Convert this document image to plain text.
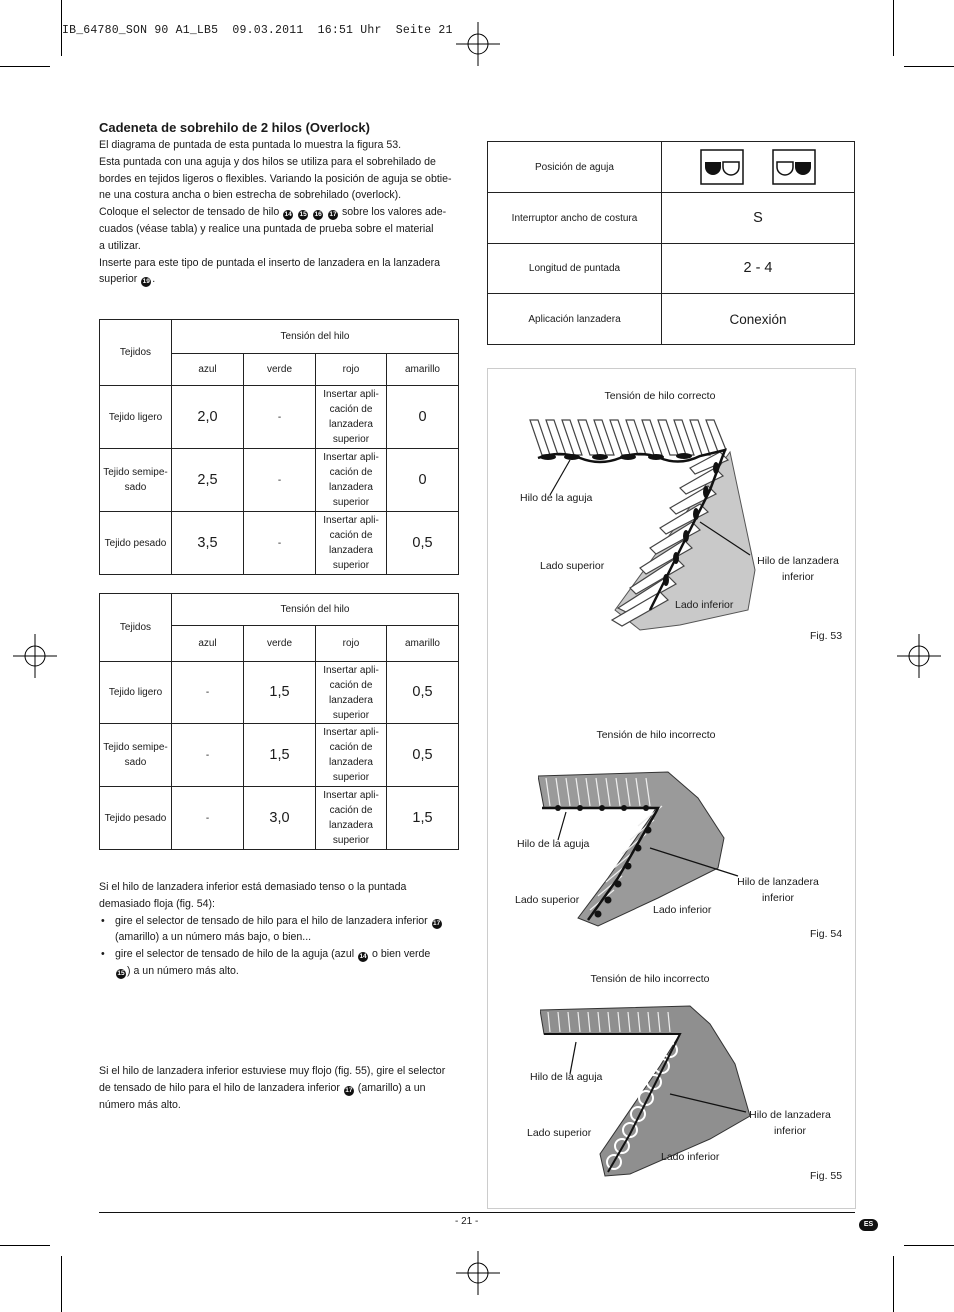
IB_64780_SON 90 A1_LB5  09.03.2011  16:51 Uhr  Seite 21
Cadeneta de sobrehilo de 2 hilos (Overlock)

El diagrama de puntada de esta puntada lo muestra la figura 53.

Esta puntada con una aguja y dos hilos se utiliza para el sobrehilado de

bordes en tejidos ligeros o flexibles. Variando la posición de aguja se obtie-

ne una costura ancha o bien estrecha de sobrehilado (overlock).

Coloque el selector de tensado de hilo 14 15 16 17 sobre los valores ade-

cuados (véase tabla) y realice una puntada de prueba sobre el material

a utilizar.

Inserte para este tipo de puntada el inserto de lanzadera en la lanzadera

superior 19 .

Posición de aguja	
Interruptor ancho de costura	S
Longitud de puntada	2 - 4
Aplicación lanzadera	Conexión
Tejidos	Tensión del hilo			
	azul	verde	rojo	amarillo
Tejido ligero	2,0	-	Insertar apli-
cación de
lanzadera
superior	0
Tejido semipe-
sado	2,5	-	Insertar apli-
cación de
lanzadera
superior	0
Tejido pesado	3,5	-	Insertar apli-
cación de
lanzadera
superior	0,5
Tejidos	Tensión del hilo			
	azul	verde	rojo	amarillo
Tejido ligero	-	1,5	Insertar apli-
cación de
lanzadera
superior	0,5
Tejido semipe-
sado	-	1,5	Insertar apli-
cación de
lanzadera
superior	0,5
Tejido pesado	-	3,0	Insertar apli-
cación de
lanzadera
superior	1,5
Si el hilo de lanzadera inferior está demasiado tenso o la puntada
demasiado floja (fig. 54):
• gire el selector de tensado de hilo para el hilo de lanzadera inferior 17
(amarillo) a un número más bajo, o bien...
• gire el selector de tensado de hilo de la aguja (azul 14 o bien verde
15 ) a un número más alto.

Si el hilo de lanzadera inferior estuviese muy flojo (fig. 55), gire el selector

de tensado de hilo para el hilo de lanzadera inferior 17 (amarillo) a un

número más alto.

Tensión de hilo correcto
Hilo de la aguja
Lado superior
Lado inferior
Hilo de lanzadera
inferior
Fig. 53
Tensión de hilo incorrecto
Hilo de la aguja
Lado superior
Lado inferior
Hilo de lanzadera
inferior
Fig. 54
Tensión de hilo incorrecto
Hilo de la aguja
Lado superior
Lado inferior
Hilo de lanzadera
inferior
Fig. 55
- 21 -	ES
